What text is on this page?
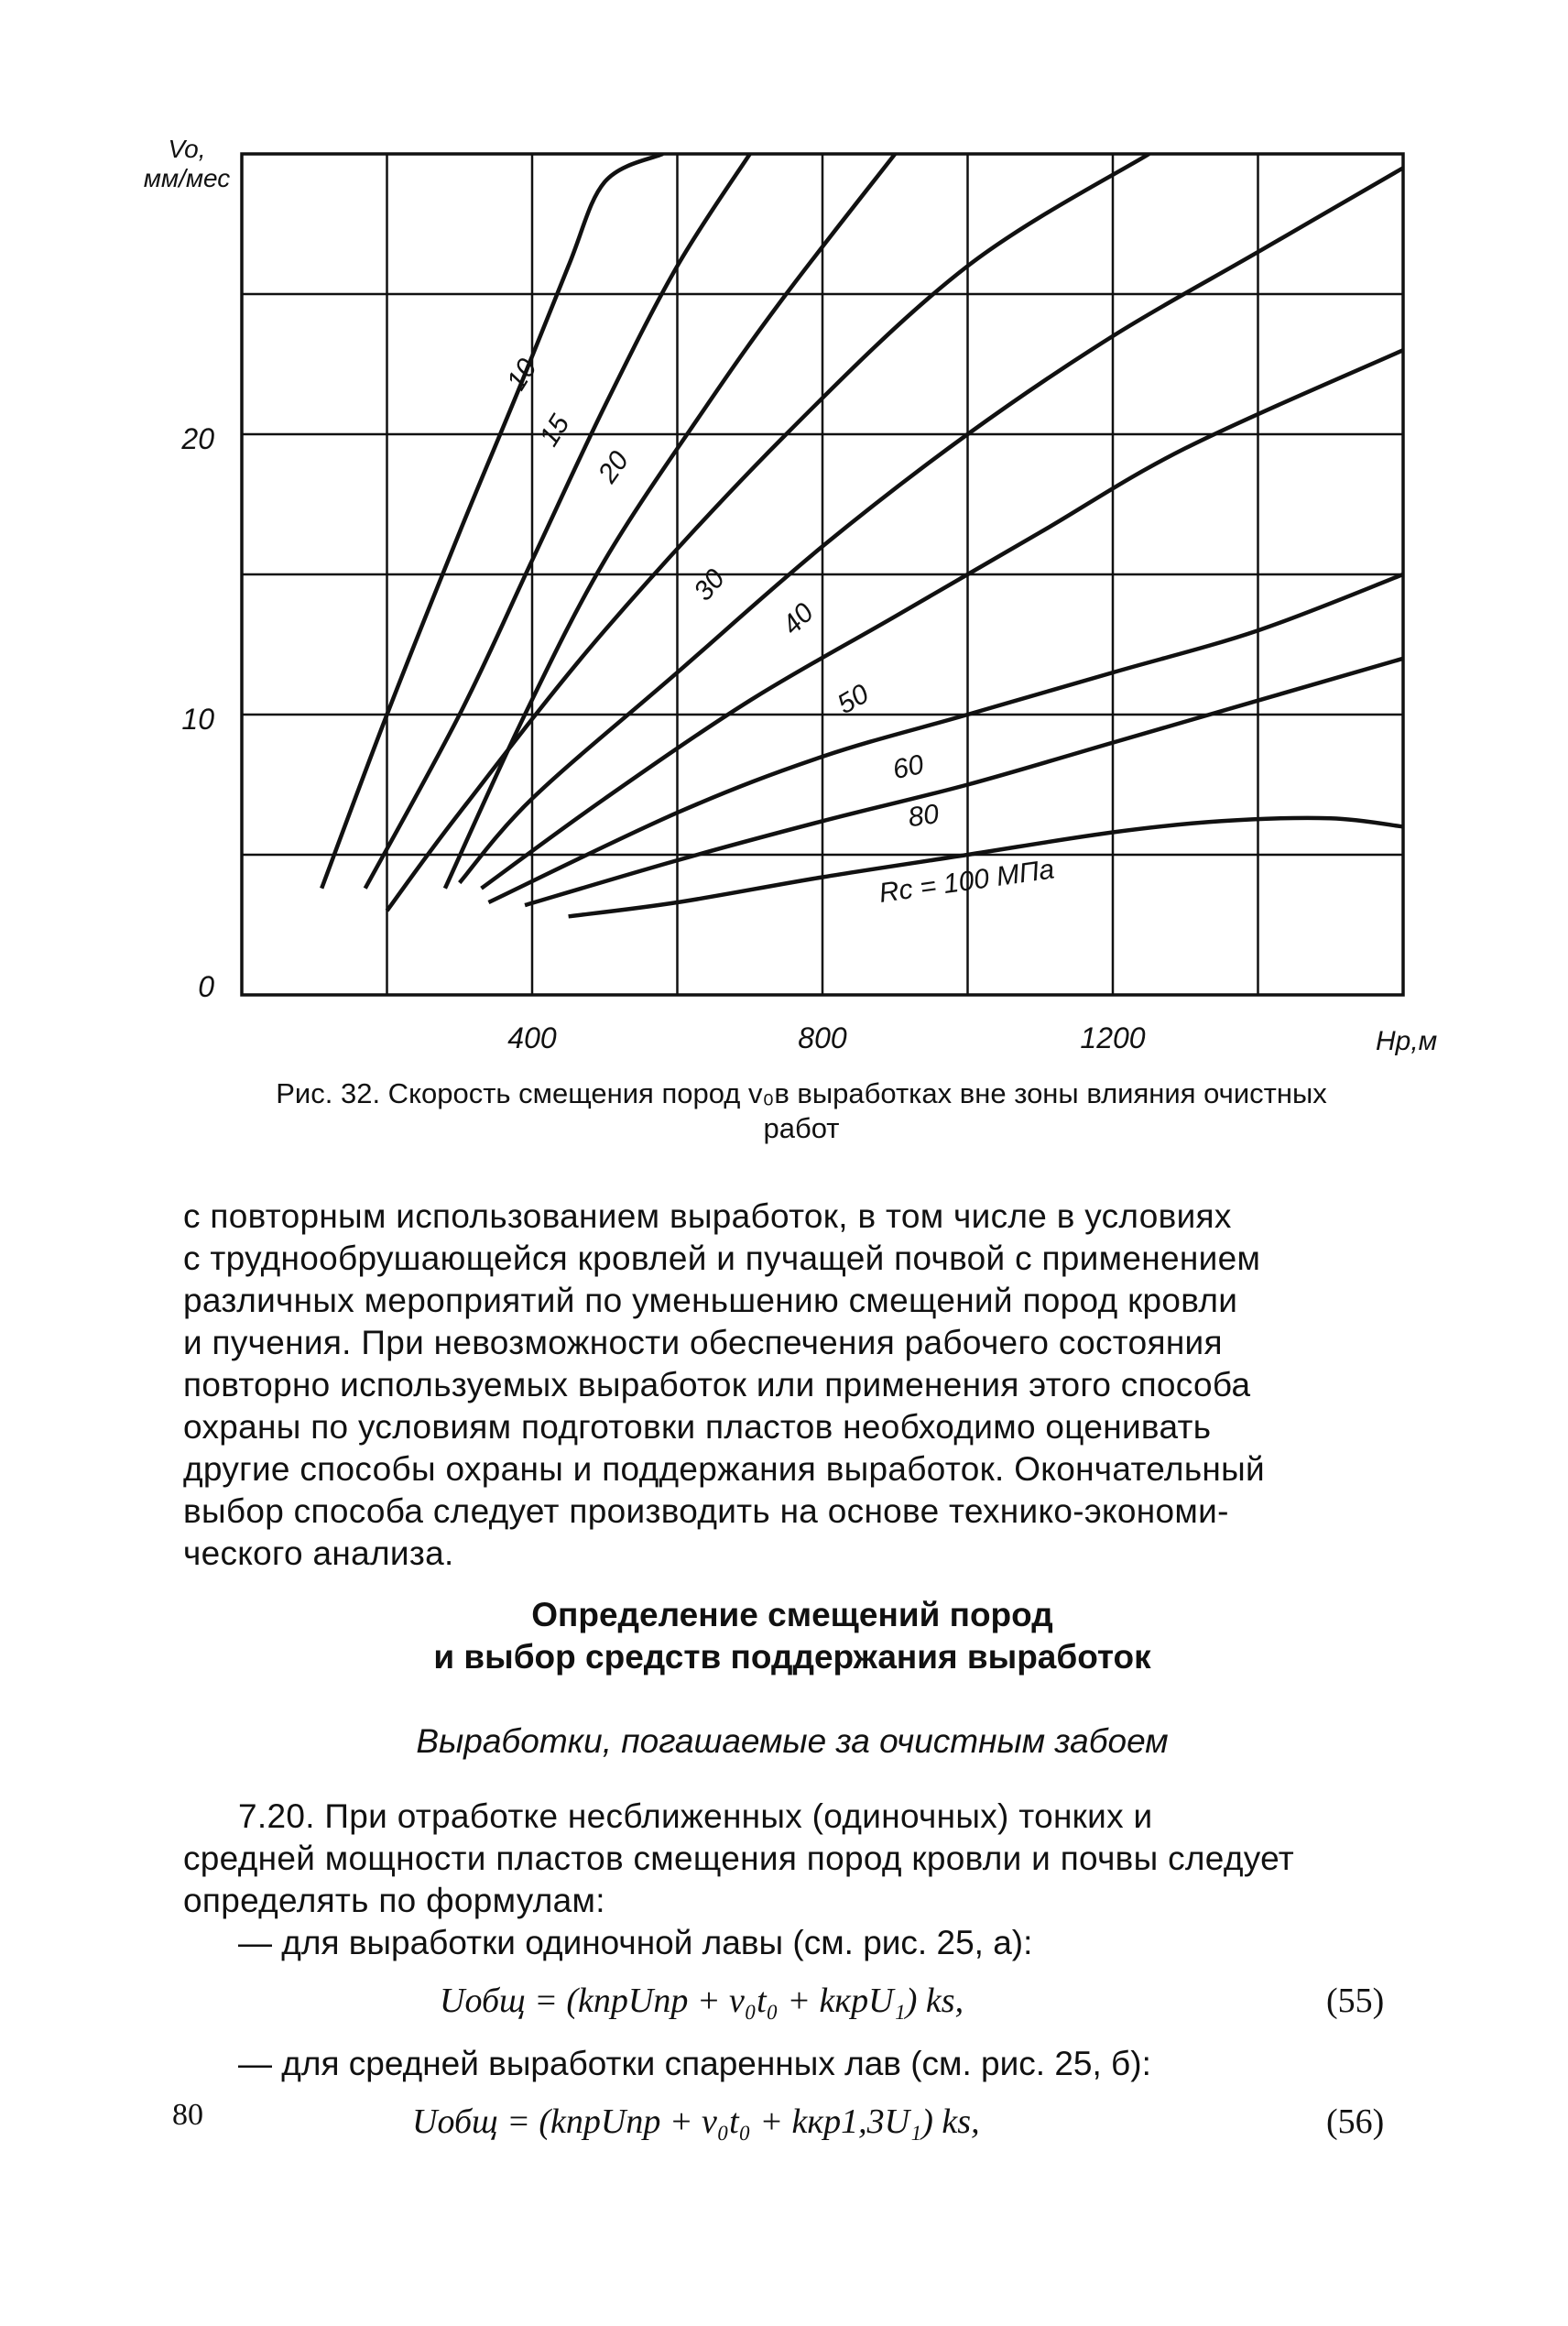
10
15
20
30
40
50
60
80
Rc = 100 МПа
400	800	1200	Hp,м
0
10
20
Vo,
мм/мес
Рис. 32. Скорость смещения пород v₀в выработках вне зоны влияния очистных
работ
с повторным использованием выработок, в том числе в условиях
с труднообрушающейся кровлей и пучащей почвой с применением
различных мероприятий по уменьшению смещений пород кровли
и пучения. При невозможности обеспечения рабочего состояния
повторно используемых выработок или применения этого способа
охраны по условиям подготовки пластов необходимо оценивать
другие способы охраны и поддержания выработок. Окончательный
выбор способа следует производить на основе технико-экономи-
ческого анализа.
Определение смещений пород
и выбор средств поддержания выработок
Выработки, погашаемые за очистным забоем
7.20. При отработке несближенных (одиночных) тонких и
средней мощности пластов смещения пород кровли и почвы следует
определять по формулам:
— для выработки одиночной лавы (см. рис. 25, а):
Uобщ = (kпрUпр + v₀t₀ + kкрU₁) ks,	(55)
— для средней выработки спаренных лав (см. рис. 25, б):
Uобщ = (kпрUпр + v₀t₀ + kкр1,3U₁) ks,	(56)
80
